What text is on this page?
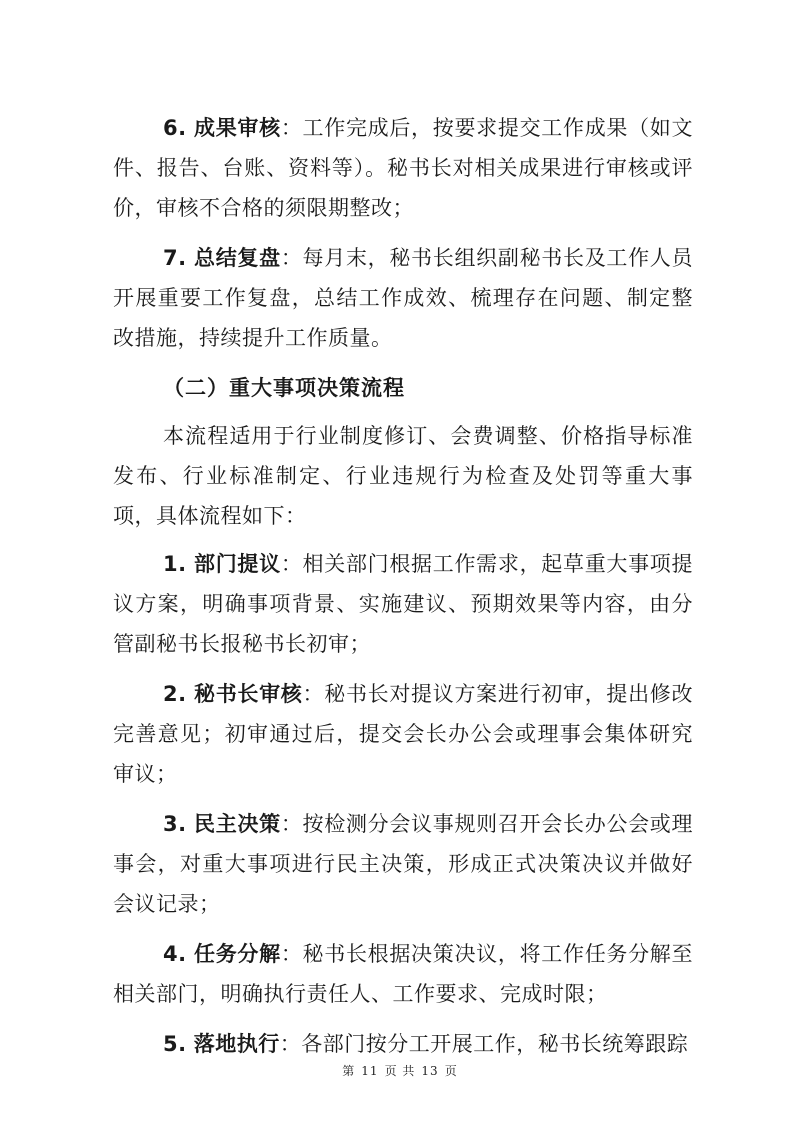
6. 成果审核：工作完成后，按要求提交工作成果（如文件、报告、台账、资料等）。秘书长对相关成果进行审核或评价，审核不合格的须限期整改；

7. 总结复盘：每月末，秘书长组织副秘书长及工作人员开展重要工作复盘，总结工作成效、梳理存在问题、制定整改措施，持续提升工作质量。

（二）重大事项决策流程

本流程适用于行业制度修订、会费调整、价格指导标准发布、行业标准制定、行业违规行为检查及处罚等重大事项，具体流程如下：

1. 部门提议：相关部门根据工作需求，起草重大事项提议方案，明确事项背景、实施建议、预期效果等内容，由分管副秘书长报秘书长初审；

2. 秘书长审核：秘书长对提议方案进行初审，提出修改完善意见；初审通过后，提交会长办公会或理事会集体研究审议；

3. 民主决策：按检测分会议事规则召开会长办公会或理事会，对重大事项进行民主决策，形成正式决策决议并做好会议记录；

4. 任务分解：秘书长根据决策决议，将工作任务分解至相关部门，明确执行责任人、工作要求、完成时限；

5. 落地执行：各部门按分工开展工作，秘书长统筹跟踪

第 11 页 共 13 页
